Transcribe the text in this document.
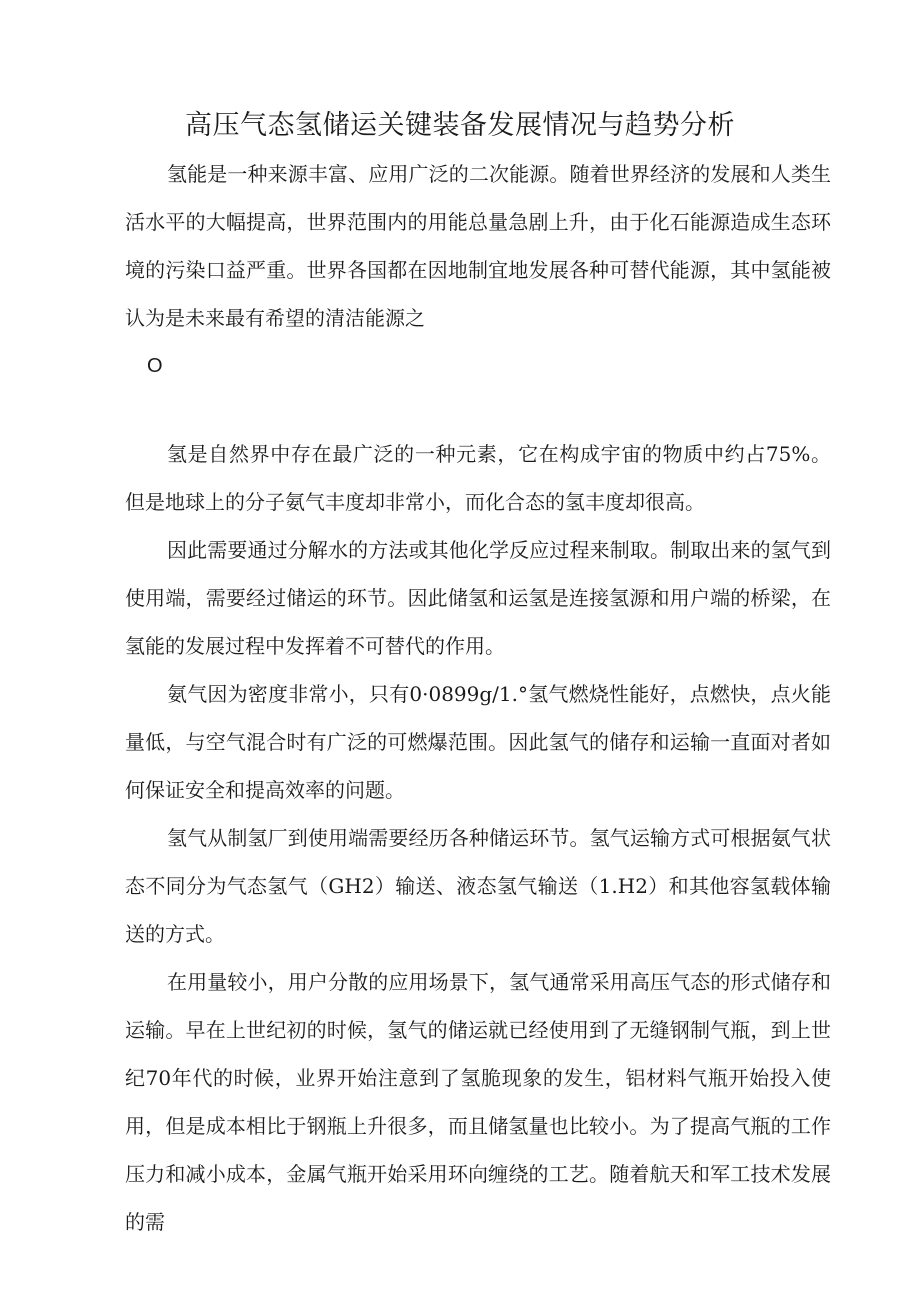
高压气态氢储运关键装备发展情况与趋势分析

氢能是一种来源丰富、应用广泛的二次能源。随着世界经济的发展和人类生活水平的大幅提高，世界范围内的用能总量急剧上升，由于化石能源造成生态环境的污染口益严重。世界各国都在因地制宜地发展各种可替代能源，其中氢能被认为是未来最有希望的清洁能源之

O

氢是自然界中存在最广泛的一种元素，它在构成宇宙的物质中约占75%。但是地球上的分子氨气丰度却非常小，而化合态的氢丰度却很高。

因此需要通过分解水的方法或其他化学反应过程来制取。制取出来的氢气到使用端，需要经过储运的环节。因此储氢和运氢是连接氢源和用户端的桥梁，在氢能的发展过程中发挥着不可替代的作用。

氨气因为密度非常小，只有0·0899g∕1.°氢气燃烧性能好，点燃快，点火能量低，与空气混合时有广泛的可燃爆范围。因此氢气的储存和运输一直面对者如何保证安全和提高效率的问题。

氢气从制氢厂到使用端需要经历各种储运环节。氢气运输方式可根据氨气状态不同分为气态氢气（GH2）输送、液态氢气输送（1.H2）和其他容氢载体输送的方式。

在用量较小，用户分散的应用场景下，氢气通常采用高压气态的形式储存和运输。早在上世纪初的时候，氢气的储运就已经使用到了无缝钢制气瓶，到上世纪70年代的时候，业界开始注意到了氢脆现象的发生，铝材料气瓶开始投入使用，但是成本相比于钢瓶上升很多，而且储氢量也比较小。为了提高气瓶的工作压力和减小成本，金属气瓶开始采用环向缠绕的工艺。随着航天和军工技术发展的需
